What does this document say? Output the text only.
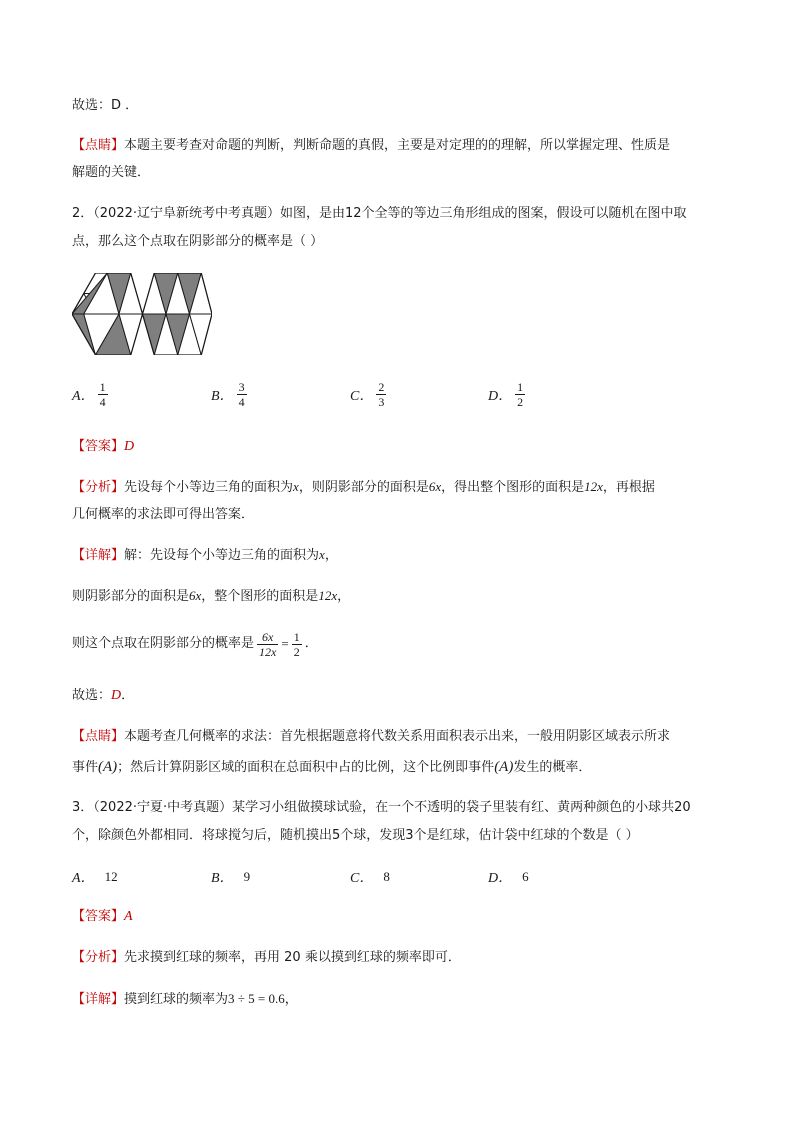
故选：D ．
【点睛】本题主要考查对命题的判断，判断命题的真假，主要是对定理的的理解，所以掌握定理、性质是
解题的关键．
2．（2022·辽宁阜新统考中考真题）如图，是由12个全等的等边三角形组成的图案，假设可以随机在图中取
点，那么这个点取在阴影部分的概率是（ ）
A． $\frac{1}{4}$	B． $\frac{3}{4}$	C． $\frac{2}{3}$	D． $\frac{1}{2}$
【答案】D
【分析】先设每个小等边三角的面积为x，则阴影部分的面积是6x，得出整个图形的面积是12x，再根据
几何概率的求法即可得出答案．
【详解】解：先设每个小等边三角的面积为x，
则阴影部分的面积是6x，整个图形的面积是12x，
则这个点取在阴影部分的概率是 $\frac{6x}{12x} = \frac{1}{2}$ ．
故选：D．
【点睛】本题考查几何概率的求法：首先根据题意将代数关系用面积表示出来，一般用阴影区域表示所求
事件(A)；然后计算阴影区域的面积在总面积中占的比例，这个比例即事件(A)发生的概率．
3．（2022·宁夏·中考真题）某学习小组做摸球试验，在一个不透明的袋子里装有红、黄两种颜色的小球共20
个，除颜色外都相同．将球搅匀后，随机摸出5个球，发现3个是红球，估计袋中红球的个数是（ ）
A． 12	B． 9	C． 8	D． 6
【答案】A
【分析】先求摸到红球的频率，再用 20 乘以摸到红球的频率即可．
【详解】摸到红球的频率为3 ÷ 5 = 0.6，
